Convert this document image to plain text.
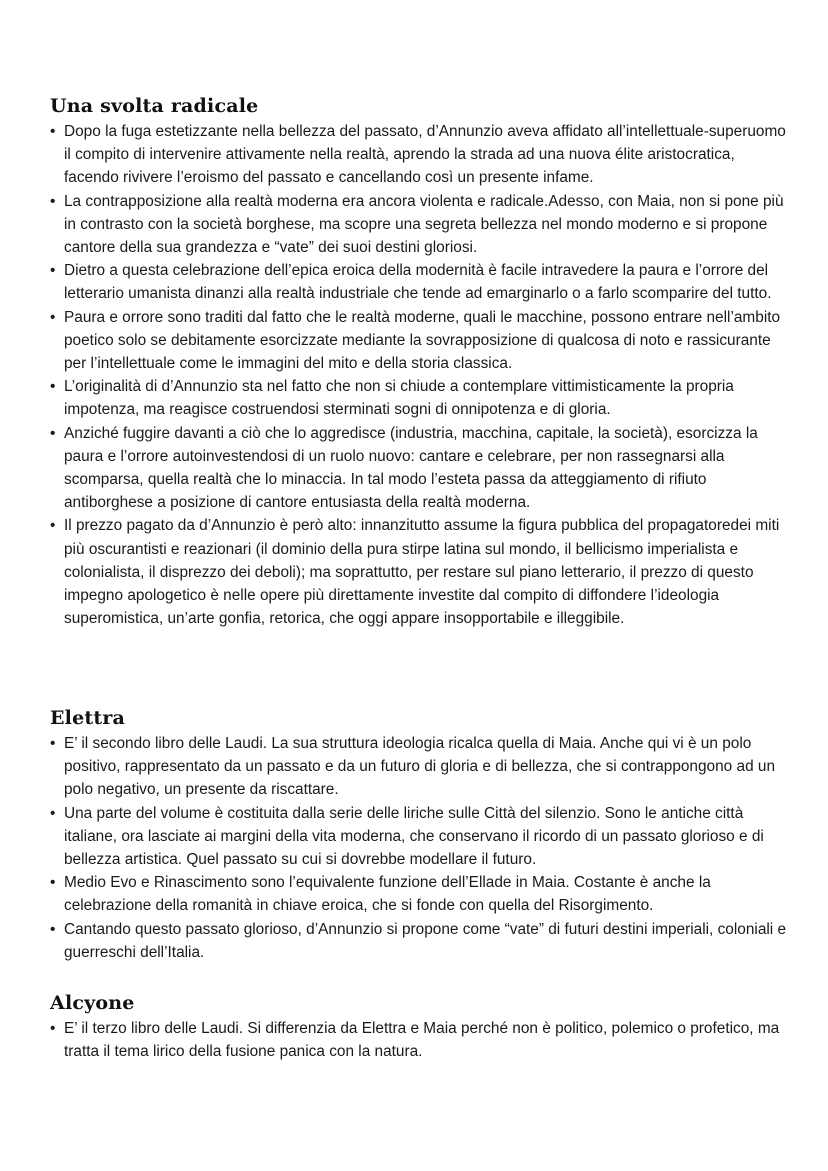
Una svolta radicale
• Dopo la fuga estetizzante nella bellezza del passato, d’Annunzio aveva affidato all’intellettuale-superuomo il compito di intervenire attivamente nella realtà, aprendo la strada ad una nuova élite aristocratica, facendo rivivere l’eroismo del passato e cancellando così un presente infame.
• La contrapposizione alla realtà moderna era ancora violenta e radicale.Adesso, con Maia, non si pone più in contrasto con la società borghese, ma scopre una segreta bellezza nel mondo moderno e si propone cantore della sua grandezza e “vate” dei suoi destini gloriosi.
• Dietro a questa celebrazione dell’epica eroica della modernità è facile intravedere la paura e l’orrore del letterario umanista dinanzi alla realtà industriale che tende ad emarginarlo o a farlo scomparire del tutto.
• Paura e orrore sono traditi dal fatto che le realtà moderne, quali le macchine, possono entrare nell’ambito poetico solo se debitamente esorcizzate mediante la sovrapposizione di qualcosa di noto e rassicurante per l’intellettuale come le immagini del mito e della storia classica.
• L’originalità di d’Annunzio sta nel fatto che non si chiude a contemplare vittimisticamente la propria impotenza, ma reagisce costruendosi sterminati sogni di onnipotenza e di gloria.
• Anziché fuggire davanti a ciò che lo aggredisce (industria, macchina, capitale, la società), esorcizza la paura e l’orrore autoinvestendosi di un ruolo nuovo: cantare e celebrare, per non rassegnarsi alla scomparsa, quella realtà che lo minaccia. In tal modo l’esteta passa da atteggiamento di rifiuto antiborghese a posizione di cantore entusiasta della realtà moderna.
• Il prezzo pagato da d’Annunzio è però alto: innanzitutto assume la figura pubblica del propagatoredei miti più oscurantisti e reazionari (il dominio della pura stirpe latina sul mondo, il bellicismo imperialista e colonialista, il disprezzo dei deboli); ma soprattutto, per restare sul piano letterario, il prezzo di questo impegno apologetico è nelle opere più direttamente investite dal compito di diffondere l’ideologia superomistica, un’arte gonfia, retorica, che oggi appare insopportabile e illeggibile.
Elettra
• E’ il secondo libro delle Laudi. La sua struttura ideologia ricalca quella di Maia. Anche qui vi è un polo positivo, rappresentato da un passato e da un futuro di gloria e di bellezza, che si contrappongono ad un polo negativo, un presente da riscattare.
• Una parte del volume è costituita dalla serie delle liriche sulle Città del silenzio. Sono le antiche città italiane, ora lasciate ai margini della vita moderna, che conservano il ricordo di un passato glorioso e di bellezza artistica. Quel passato su cui si dovrebbe modellare il futuro.
• Medio Evo e Rinascimento sono l’equivalente funzione dell’Ellade in Maia. Costante è anche la celebrazione della romanità in chiave eroica, che si fonde con quella del Risorgimento.
• Cantando questo passato glorioso, d’Annunzio si propone come “vate” di futuri destini imperiali, coloniali e guerreschi dell’Italia.
Alcyone
• E’ il terzo libro delle Laudi. Si differenzia da Elettra e Maia perché non è politico, polemico o profetico, ma tratta il tema lirico della fusione panica con la natura.
